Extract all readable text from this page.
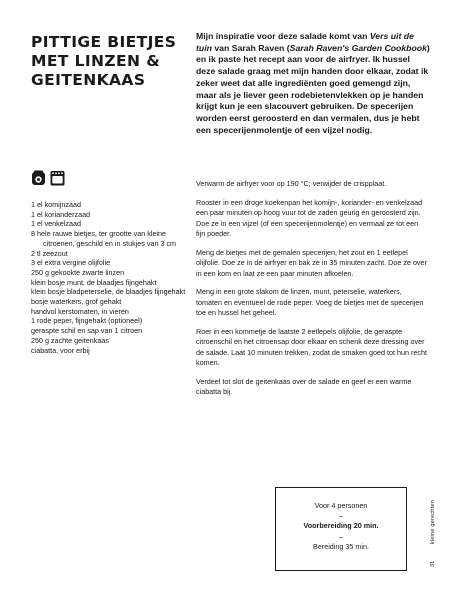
PITTIGE BIETJES MET LINZEN & GEITENKAAS

Mijn inspiratie voor deze salade komt van Vers uit de tuin van Sarah Raven (Sarah Raven's Garden Cookbook) en ik paste het recept aan voor de airfryer. Ik hussel deze salade graag met mijn handen door elkaar, zodat ik zeker weet dat alle ingrediënten goed gemengd zijn, maar als je liever geen rodebietenvlekken op je handen krijgt kun je een slacouvert gebruiken. De specerijen worden eerst geroosterd en dan vermalen, dus je hebt een specerijenmolentje of een vijzel nodig.

1 el komijnzaad
1 el korianderzaad
1 el venkelzaad
8 hele rauwe bietjes, ter grootte van kleine citroenen, geschild en in stukjes van 3 cm
2 tl zeezout
3 el extra vergine olijfolie
250 g gekookte zwarte linzen
klein bosje munt, de blaadjes fijngehakt
klein bosje bladpeterselie, de blaadjes fijngehakt
bosje waterkers, grof gehakt
handvol kerstomaten, in vieren
1 rode peper, fijngehakt (optioneel)
geraspte schil en sap van 1 citroen
250 g zachte geitenkaas
ciabatta, voor erbij

Verwarm de airfryer voor op 190 °C; verwijder de crispplaat.

Rooster in een droge koekenpan het komijn-, koriander- en venkelzaad een paar minuten op hoog vuur tot de zaden geurig en geroosterd zijn. Doe ze in een vijzel (of een specerijenmolentje) en vermaal ze tot een fijn poeder.

Meng de bietjes met de gemalen specerijen, het zout en 1 eetlepel olijfolie. Doe ze in de airfryer en bak ze in 35 minuten zacht. Doe ze over in een kom en laat ze een paar minuten afkoelen.

Meng in een grote slakom de linzen, munt, peterselie, waterkers, tomaten en eventueel de rode peper. Voeg de bietjes met de specerijen toe en hussel het geheel.

Roer in een kommetje de laatste 2 eetlepels olijfolie, de geraspte citroenschil en het citroensap door elkaar en schenk deze dressing over de salade. Laat 10 minuten trekken, zodat de smaken goed tot hun recht komen.

Verdeel tot slot de geitenkaas over de salade en geef er een warme ciabatta bij.

Voor 4 personen
–
Voorbereiding 20 min.
–
Bereiding 35 min.
kleine gerechten
31
